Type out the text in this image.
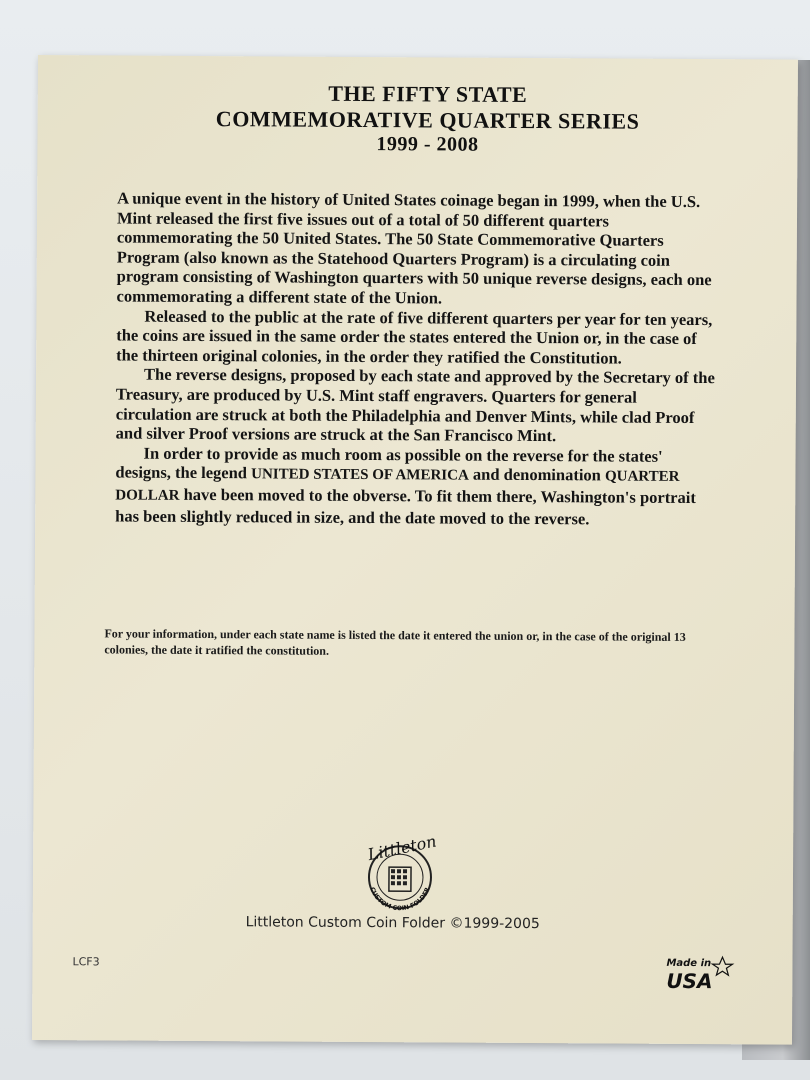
THE FIFTY STATE
COMMEMORATIVE QUARTER SERIES
1999 - 2008

A unique event in the history of United States coinage began in 1999, when the U.S. Mint released the first five issues out of a total of 50 different quarters commemorating the 50 United States. The 50 State Commemorative Quarters Program (also known as the Statehood Quarters Program) is a circulating coin program consisting of Washington quarters with 50 unique reverse designs, each one commemorating a different state of the Union.

Released to the public at the rate of five different quarters per year for ten years, the coins are issued in the same order the states entered the Union or, in the case of the thirteen original colonies, in the order they ratified the Constitution.

The reverse designs, proposed by each state and approved by the Secretary of the Treasury, are produced by U.S. Mint staff engravers. Quarters for general circulation are struck at both the Philadelphia and Denver Mints, while clad Proof and silver Proof versions are struck at the San Francisco Mint.

In order to provide as much room as possible on the reverse for the states' designs, the legend UNITED STATES OF AMERICA and denomination QUARTER DOLLAR have been moved to the obverse. To fit them there, Washington's portrait has been slightly reduced in size, and the date moved to the reverse.

For your information, under each state name is listed the date it entered the union or, in the case of the original 13 colonies, the date it ratified the constitution.
Littleton
CUSTOM COIN FOLDER
Littleton Custom Coin Folder ©1999-2005
LCF3	Made in
USA
